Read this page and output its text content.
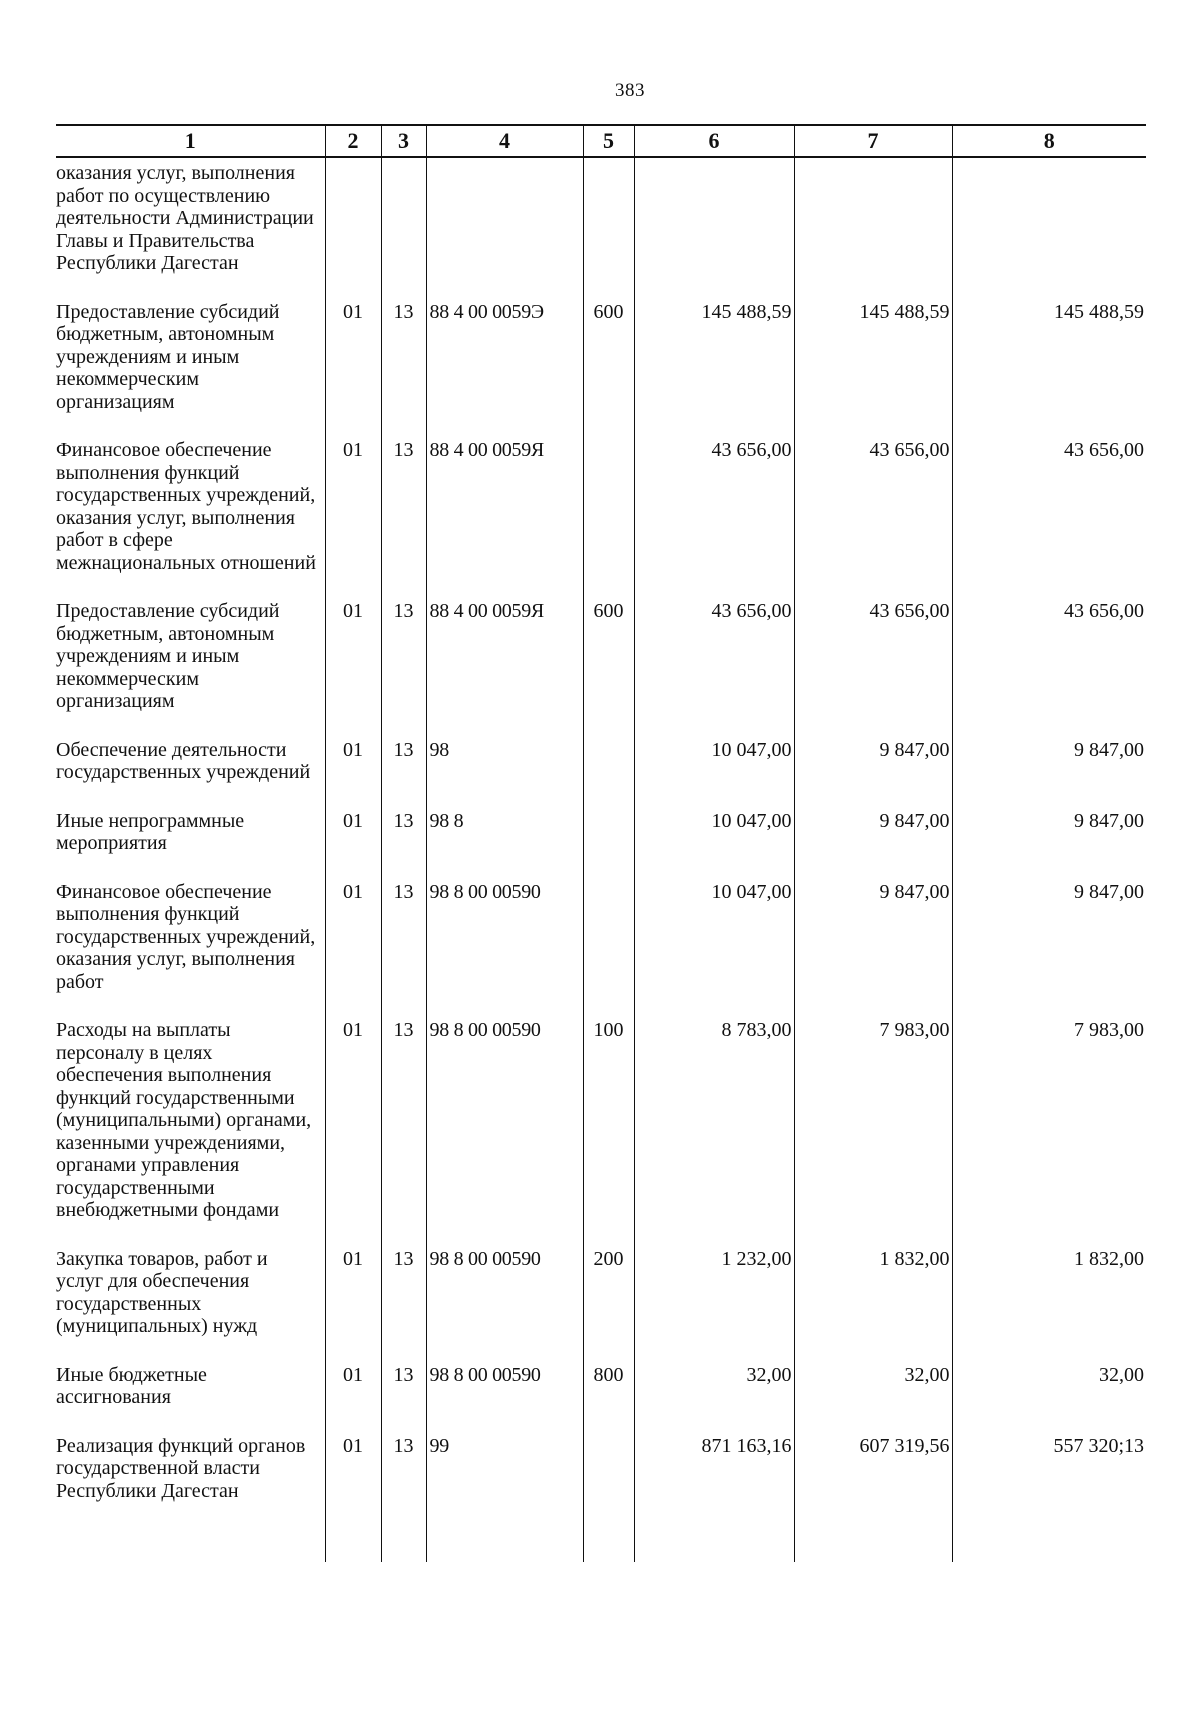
383
1	2	3	4	5	6	7	8
оказания услуг, выполнения работ по осуществлению деятельности Администрации Главы и Правительства Республики Дагестан							
Предоставление субсидий бюджетным, автономным учреждениям и иным некоммерческим организациям	01	13	88 4 00 0059Э	600	145 488,59	145 488,59	145 488,59
Финансовое обеспечение выполнения функций государственных учреждений, оказания услуг, выполнения работ в сфере межнациональных отношений	01	13	88 4 00 0059Я		43 656,00	43 656,00	43 656,00
Предоставление субсидий бюджетным, автономным учреждениям и иным некоммерческим организациям	01	13	88 4 00 0059Я	600	43 656,00	43 656,00	43 656,00
Обеспечение деятельности государственных учреждений	01	13	98		10 047,00	9 847,00	9 847,00
Иные непрограммные мероприятия	01	13	98 8		10 047,00	9 847,00	9 847,00
Финансовое обеспечение выполнения функций государственных учреждений, оказания услуг, выполнения работ	01	13	98 8 00 00590		10 047,00	9 847,00	9 847,00
Расходы на выплаты персоналу в целях обеспечения выполнения функций государственными (муниципальными) органами, казенными учреждениями, органами управления государственными внебюджетными фондами	01	13	98 8 00 00590	100	8 783,00	7 983,00	7 983,00
Закупка товаров, работ и услуг для обеспечения государственных (муниципальных) нужд	01	13	98 8 00 00590	200	1 232,00	1 832,00	1 832,00
Иные бюджетные ассигнования	01	13	98 8 00 00590	800	32,00	32,00	32,00
Реализация функций органов государственной власти Республики Дагестан	01	13	99		871 163,16	607 319,56	557 320;13
